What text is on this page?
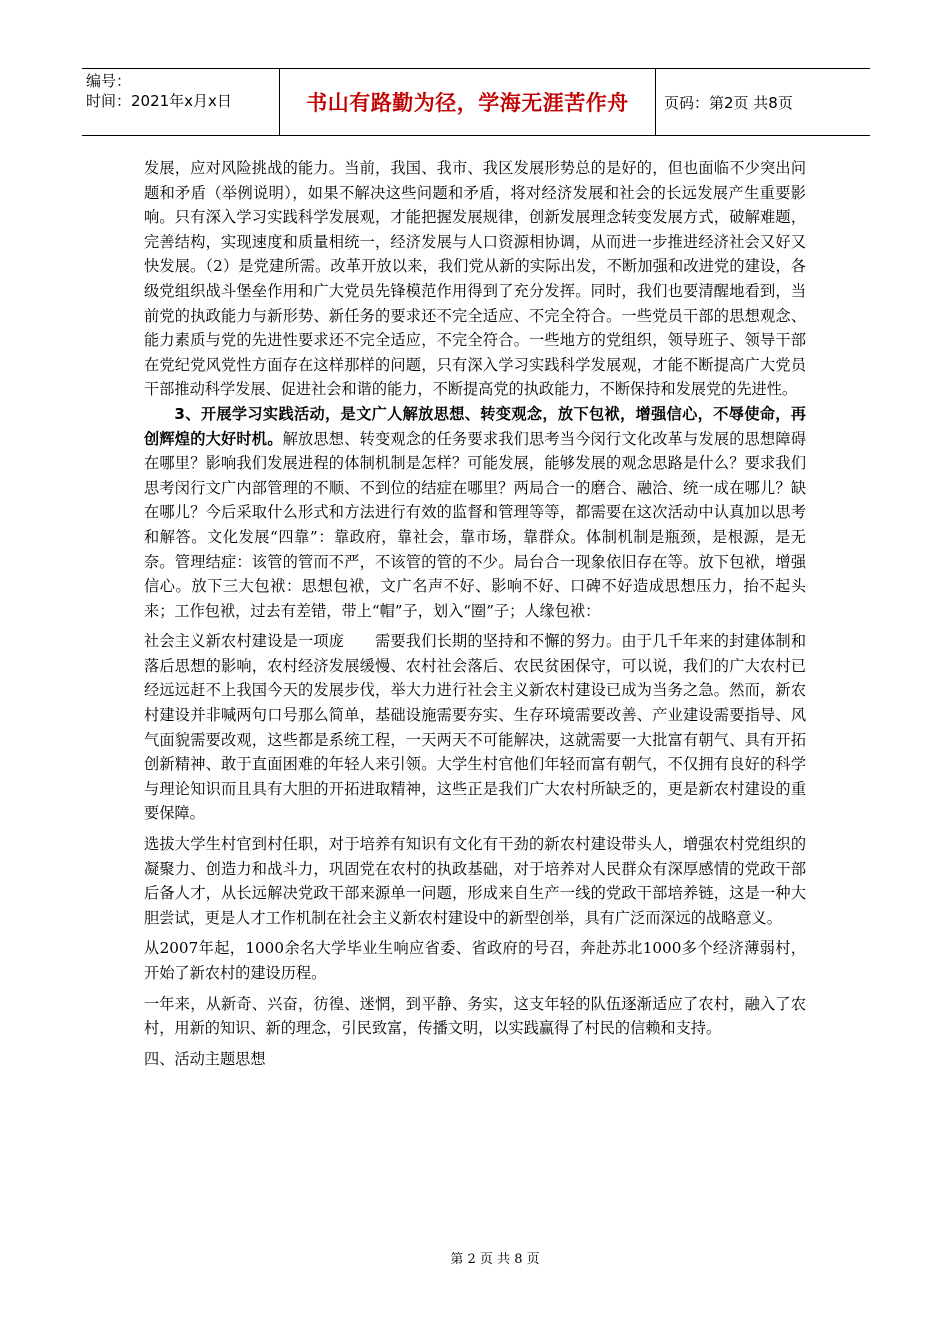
编号：
时间：2021年x月x日	书山有路勤为径，学海无涯苦作舟	页码：第2页 共8页

发展，应对风险挑战的能力。当前，我国、我市、我区发展形势总的是好的，但也面临不少突出问题和矛盾（举例说明），如果不解决这些问题和矛盾，将对经济发展和社会的长远发展产生重要影响。只有深入学习实践科学发展观，才能把握发展规律，创新发展理念转变发展方式，破解难题，完善结构，实现速度和质量相统一，经济发展与人口资源相协调，从而进一步推进经济社会又好又快发展。（2）是党建所需。改革开放以来，我们党从新的实际出发，不断加强和改进党的建设，各级党组织战斗堡垒作用和广大党员先锋模范作用得到了充分发挥。同时，我们也要清醒地看到，当前党的执政能力与新形势、新任务的要求还不完全适应、不完全符合。一些党员干部的思想观念、能力素质与党的先进性要求还不完全适应，不完全符合。一些地方的党组织，领导班子、领导干部在党纪党风党性方面存在这样那样的问题，只有深入学习实践科学发展观，才能不断提高广大党员干部推动科学发展、促进社会和谐的能力，不断提高党的执政能力，不断保持和发展党的先进性。

3、开展学习实践活动，是文广人解放思想、转变观念，放下包袱，增强信心，不辱使命，再创辉煌的大好时机。解放思想、转变观念的任务要求我们思考当今闵行文化改革与发展的思想障碍在哪里？影响我们发展进程的体制机制是怎样？可能发展，能够发展的观念思路是什么？要求我们思考闵行文广内部管理的不顺、不到位的结症在哪里？两局合一的磨合、融洽、统一成在哪儿？缺在哪儿？今后采取什么形式和方法进行有效的监督和管理等等，都需要在这次活动中认真加以思考和解答。文化发展“四靠”：靠政府，靠社会，靠市场，靠群众。体制机制是瓶颈，是根源，是无奈。管理结症：该管的管而不严，不该管的管的不少。局台合一现象依旧存在等。放下包袱，增强信心。放下三大包袱：思想包袱，文广名声不好、影响不好、口碑不好造成思想压力，抬不起头来；工作包袱，过去有差错，带上“帽”子，划入“圈”子；人缘包袱：

社会主义新农村建设是一项庞　　需要我们长期的坚持和不懈的努力。由于几千年来的封建体制和落后思想的影响，农村经济发展缓慢、农村社会落后、农民贫困保守，可以说，我们的广大农村已经远远赶不上我国今天的发展步伐，举大力进行社会主义新农村建设已成为当务之急。然而，新农村建设并非喊两句口号那么简单，基础设施需要夯实、生存环境需要改善、产业建设需要指导、风气面貌需要改观，这些都是系统工程，一天两天不可能解决，这就需要一大批富有朝气、具有开拓创新精神、敢于直面困难的年轻人来引领。大学生村官他们年轻而富有朝气，不仅拥有良好的科学与理论知识而且具有大胆的开拓进取精神，这些正是我们广大农村所缺乏的，更是新农村建设的重要保障。

选拔大学生村官到村任职，对于培养有知识有文化有干劲的新农村建设带头人，增强农村党组织的凝聚力、创造力和战斗力，巩固党在农村的执政基础，对于培养对人民群众有深厚感情的党政干部后备人才，从长远解决党政干部来源单一问题，形成来自生产一线的党政干部培养链，这是一种大胆尝试，更是人才工作机制在社会主义新农村建设中的新型创举，具有广泛而深远的战略意义。

从2007年起，1000余名大学毕业生响应省委、省政府的号召，奔赴苏北1000多个经济薄弱村，开始了新农村的建设历程。

一年来，从新奇、兴奋，彷徨、迷惘，到平静、务实，这支年轻的队伍逐渐适应了农村，融入了农村，用新的知识、新的理念，引民致富，传播文明，以实践赢得了村民的信赖和支持。

四、活动主题思想

第 2 页 共 8 页
